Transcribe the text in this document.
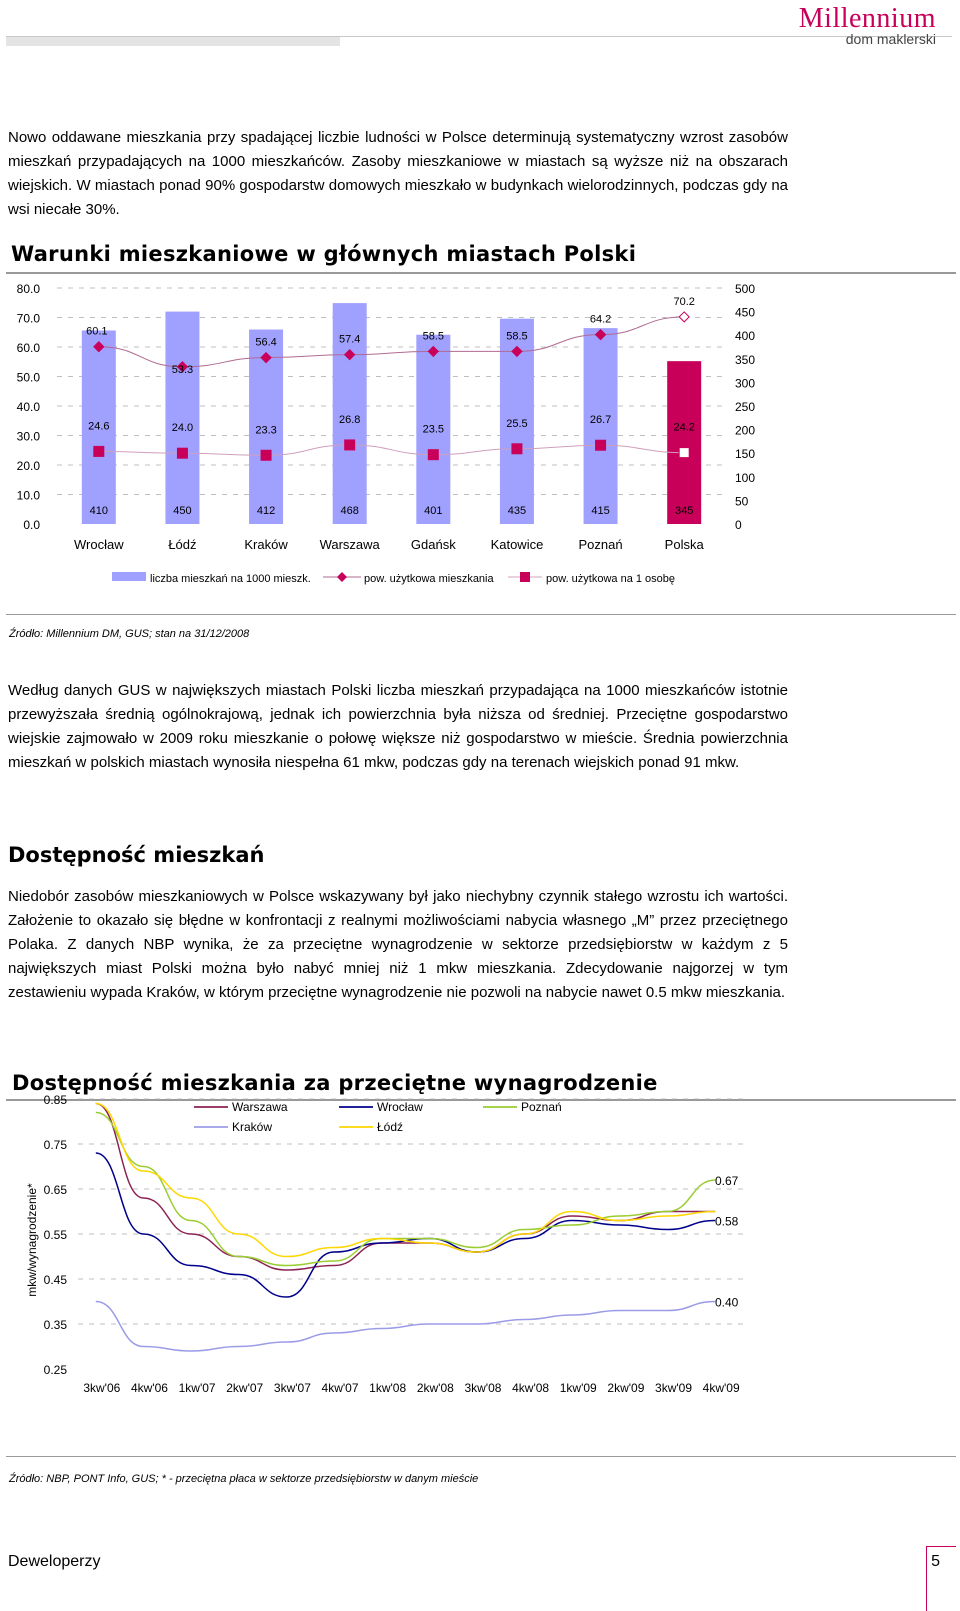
Millennium
dom maklerski
Nowo oddawane mieszkania przy spadającej liczbie ludności w Polsce determinują systematyczny wzrost zasobów mieszkań przypadających na 1000 mieszkańców. Zasoby mieszkaniowe w miastach są wyższe niż na obszarach wiejskich. W miastach ponad 90% gospodarstw domowych mieszkało w budynkach wielorodzinnych, podczas gdy na wsi niecałe 30%.
Warunki mieszkaniowe w głównych miastach Polski
80.0
70.0
60.0
50.0
40.0
30.0
20.0
10.0
0.0
500
450
400
350
300
250
200
150
100
50
0
410	450	412	468	401	435	415	345
60.1
53.3
56.4	57.4	58.5	58.5
64.2
70.2
24.6	24.0	23.3
26.8
23.5	25.5	26.7
24.2
Wrocław	Łódź	Kraków Warszawa Gdańsk	Katowice	Poznań	Polska
liczba mieszkań na 1000 mieszk.	pow. użytkowa mieszkania	pow. użytkowa na 1 osobę
Źródło: Millennium DM, GUS; stan na 31/12/2008
Według danych GUS w największych miastach Polski liczba mieszkań przypadająca na 1000 mieszkańców istotnie przewyższała średnią ogólnokrajową, jednak ich powierzchnia była niższa od średniej. Przeciętne gospodarstwo wiejskie zajmowało w 2009 roku mieszkanie o połowę większe niż gospodarstwo w mieście. Średnia powierzchnia mieszkań w polskich miastach wynosiła niespełna 61 mkw, podczas gdy na terenach wiejskich ponad 91 mkw.
Dostępność mieszkań
Niedobór zasobów mieszkaniowych w Polsce wskazywany był jako niechybny czynnik stałego wzrostu ich wartości. Założenie to okazało się błędne w konfrontacji z realnymi możliwościami nabycia własnego „M” przez przeciętnego Polaka. Z danych NBP wynika, że za przeciętne wynagrodzenie w sektorze przedsiębiorstw w każdym z 5 największych miast Polski można było nabyć mniej niż 1 mkw mieszkania. Zdecydowanie najgorzej w tym zestawieniu wypada Kraków, w którym przeciętne wynagrodzenie nie pozwoli na nabycie nawet 0.5 mkw mieszkania.
Dostępność mieszkania za przeciętne wynagrodzenie
0.85
0.75
0.65
0.55
0.45
0.35
0.25
mkw/wynagrodzenie*
3kw'06 4kw'06 1kw'07 2kw'07 3kw'07 4kw'07 1kw'08 2kw'08 3kw'08 4kw'08 1kw'09 2kw'09 3kw'09 4kw'09
0.67
0.58
0.40
Warszawa	Wrocław	Poznań
Kraków	Łódź
Źródło: NBP, PONT Info, GUS; * - przeciętna płaca w sektorze przedsiębiorstw w danym mieście
Deweloperzy	5
